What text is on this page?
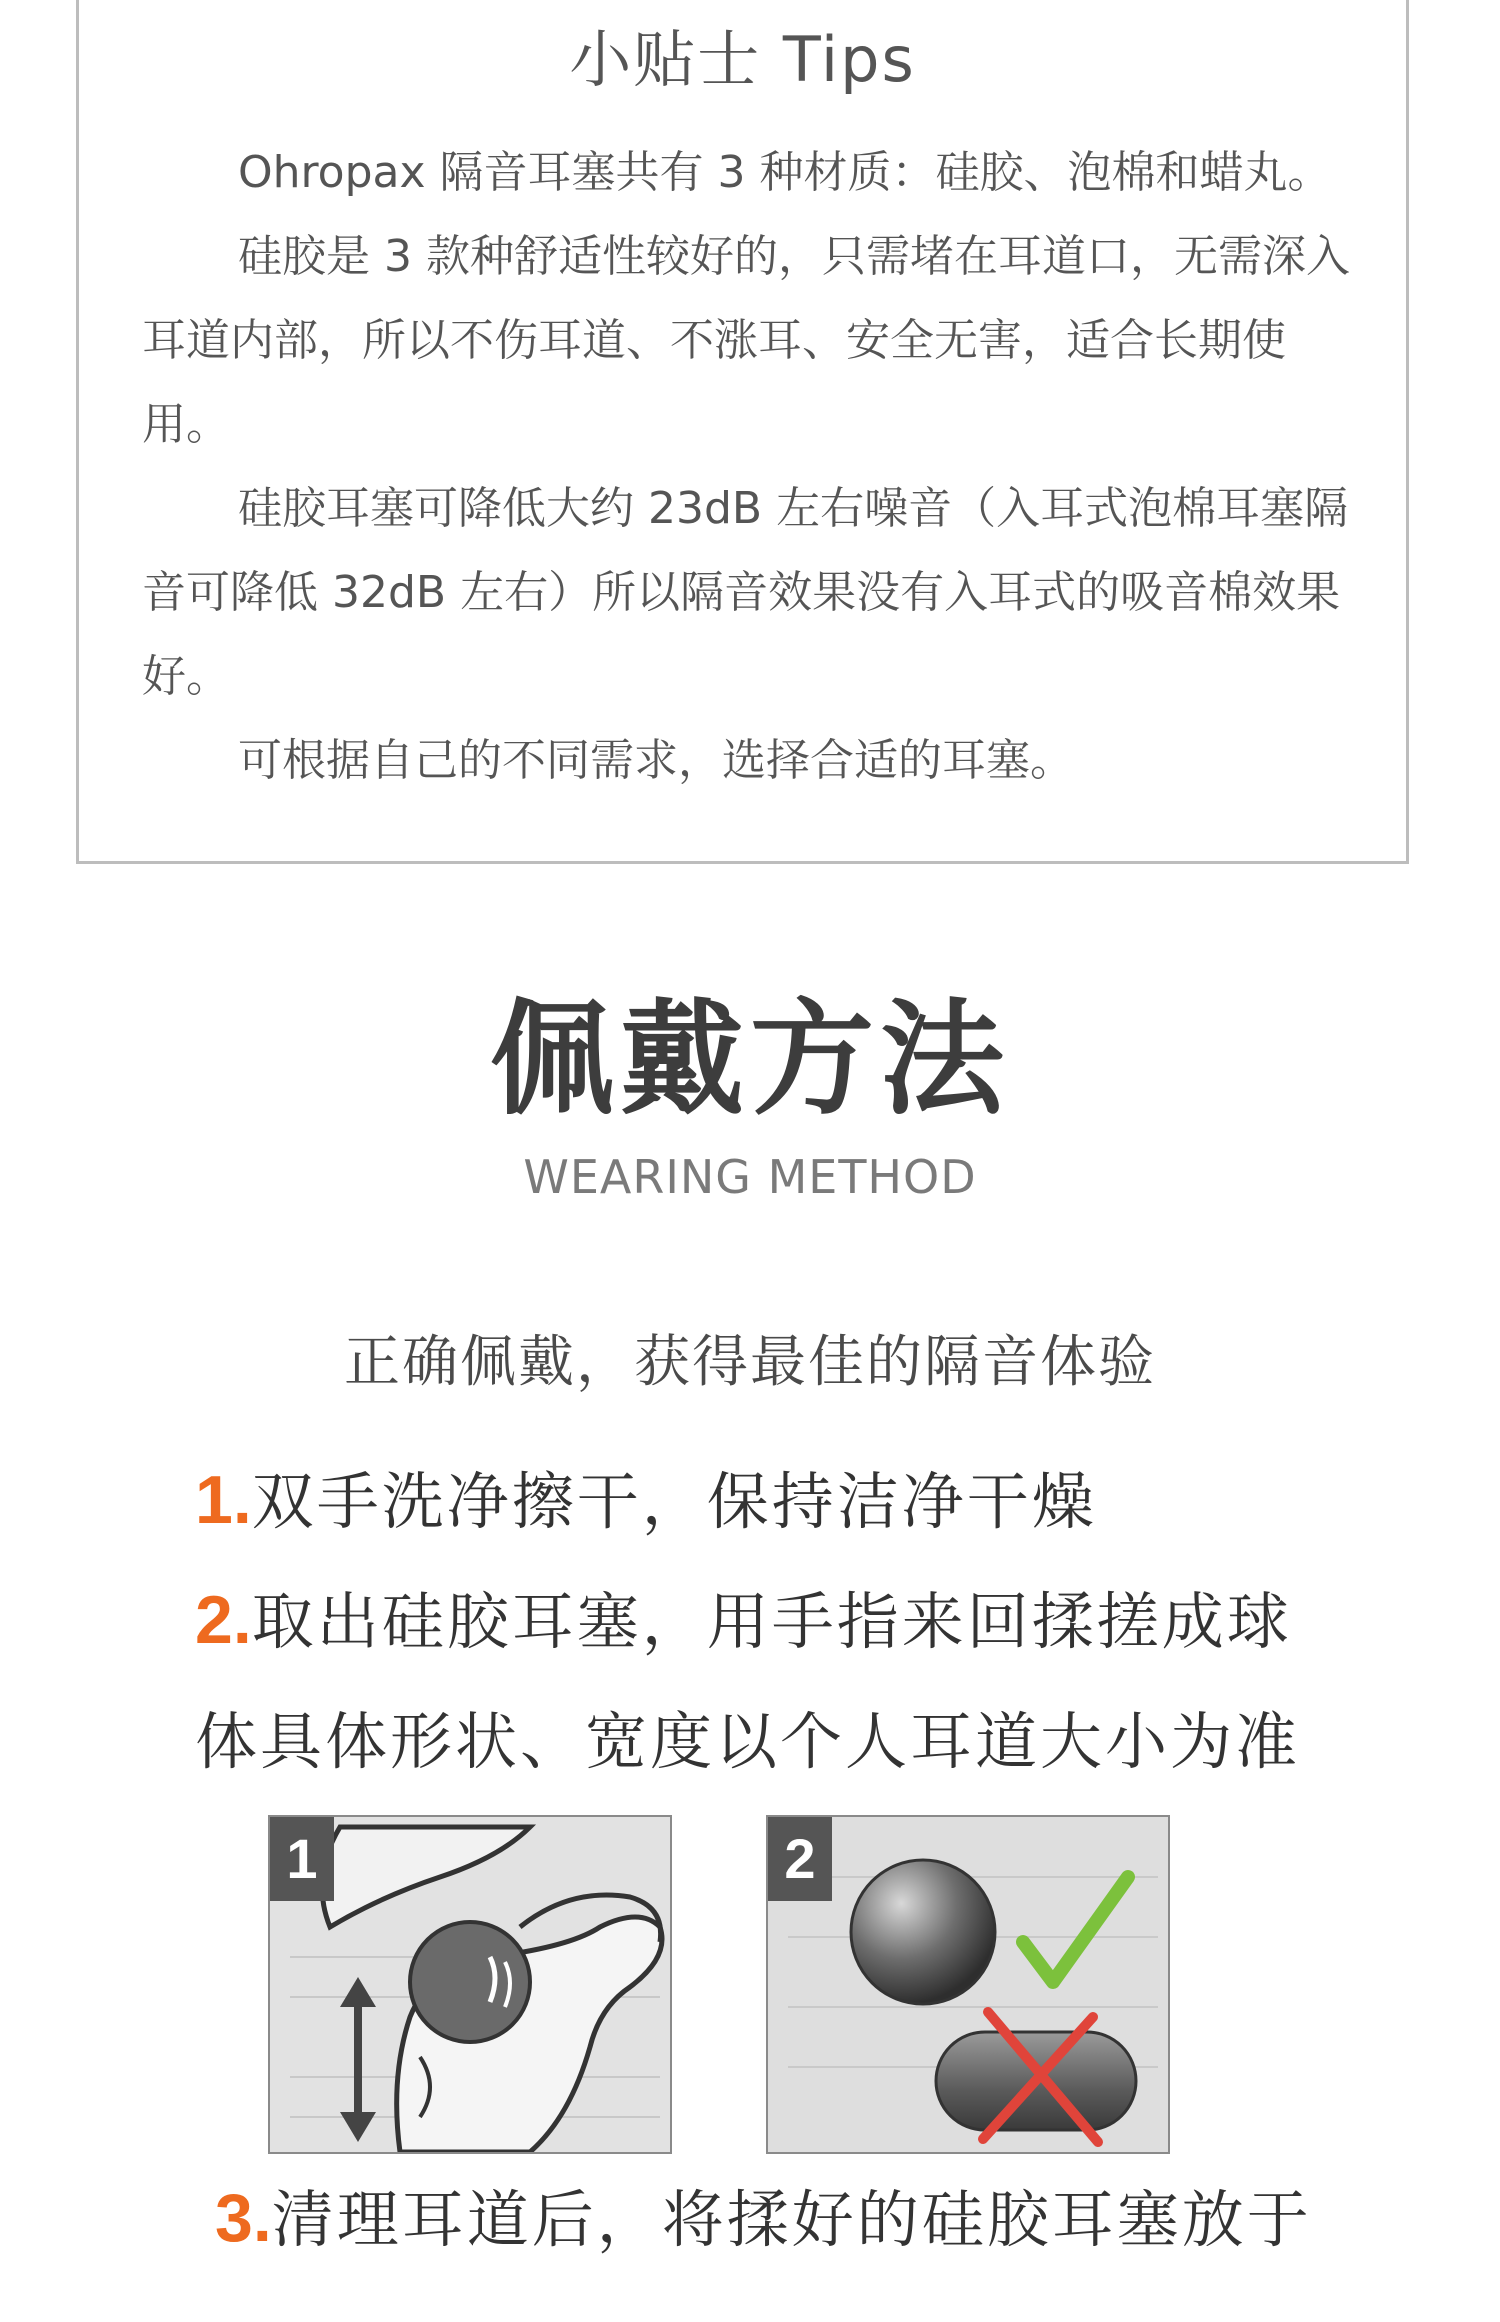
小贴士 Tips

Ohropax 隔音耳塞共有 3 种材质：硅胶、泡棉和蜡丸。

硅胶是 3 款种舒适性较好的，只需堵在耳道口，无需深入耳道内部，所以不伤耳道、不涨耳、安全无害，适合长期使用。

硅胶耳塞可降低大约 23dB 左右噪音（入耳式泡棉耳塞隔音可降低 32dB 左右）所以隔音效果没有入耳式的吸音棉效果好。

可根据自己的不同需求，选择合适的耳塞。

佩戴方法
WEARING METHOD
正确佩戴，获得最佳的隔音体验
1.双手洗净擦干，保持洁净干燥
2.取出硅胶耳塞，用手指来回揉搓成球
体具体形状、宽度以个人耳道大小为准
1	2
3.清理耳道后，将揉好的硅胶耳塞放于
